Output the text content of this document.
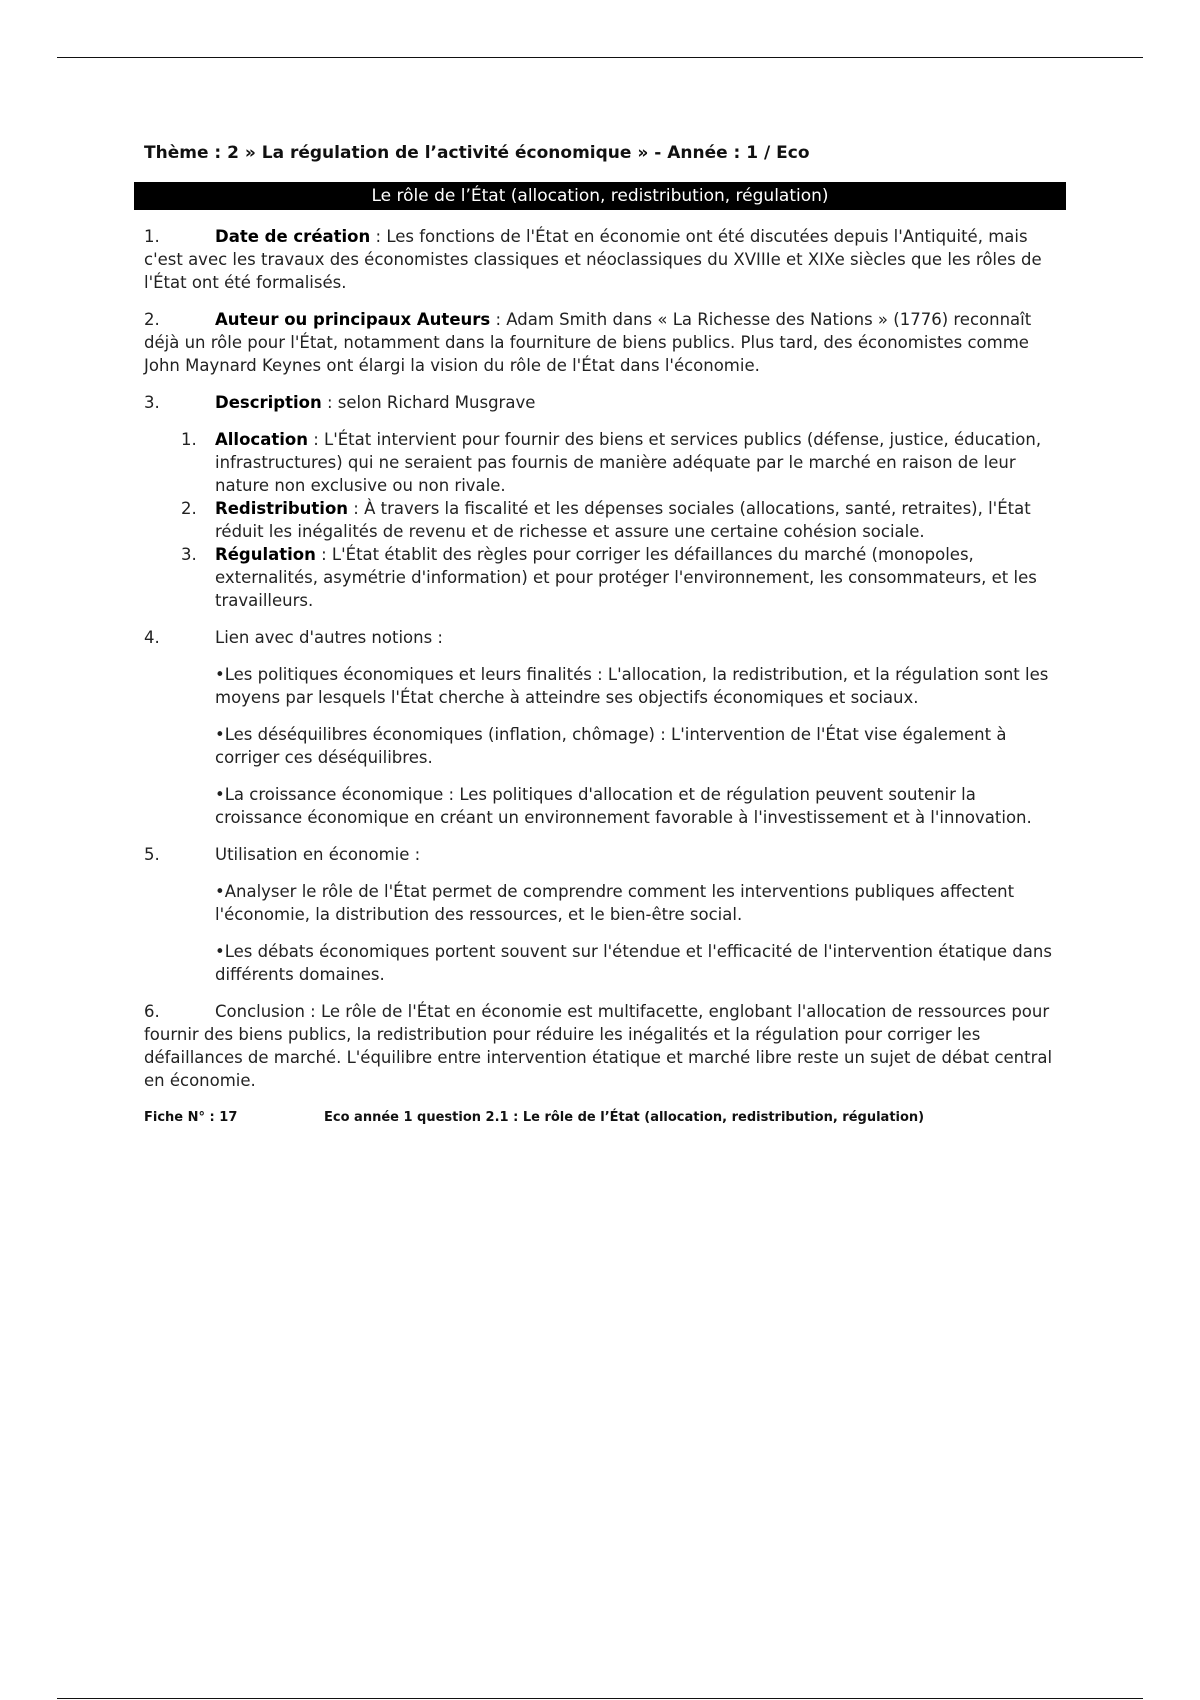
Thème : 2 » La régulation de l’activité économique » - Année : 1 / Eco

Le rôle de l’État (allocation, redistribution, régulation)

1.	Date de création : Les fonctions de l'État en économie ont été discutées depuis l'Antiquité, mais c'est avec les travaux des économistes classiques et néoclassiques du XVIIIe et XIXe siècles que les rôles de l'État ont été formalisés.

2.	Auteur ou principaux Auteurs : Adam Smith dans « La Richesse des Nations » (1776) reconnaît déjà un rôle pour l'État, notamment dans la fourniture de biens publics. Plus tard, des économistes comme John Maynard Keynes ont élargi la vision du rôle de l'État dans l'économie.

3.	Description : selon Richard Musgrave

1. Allocation : L'État intervient pour fournir des biens et services publics (défense, justice, éducation, infrastructures) qui ne seraient pas fournis de manière adéquate par le marché en raison de leur nature non exclusive ou non rivale.
2. Redistribution : À travers la fiscalité et les dépenses sociales (allocations, santé, retraites), l'État réduit les inégalités de revenu et de richesse et assure une certaine cohésion sociale.
3. Régulation : L'État établit des règles pour corriger les défaillances du marché (monopoles, externalités, asymétrie d'information) et pour protéger l'environnement, les consommateurs, et les travailleurs.

4.	Lien avec d'autres notions :

•Les politiques économiques et leurs finalités : L'allocation, la redistribution, et la régulation sont les moyens par lesquels l'État cherche à atteindre ses objectifs économiques et sociaux.

•Les déséquilibres économiques (inflation, chômage) : L'intervention de l'État vise également à corriger ces déséquilibres.

•La croissance économique : Les politiques d'allocation et de régulation peuvent soutenir la croissance économique en créant un environnement favorable à l'investissement et à l'innovation.

5.	Utilisation en économie :

•Analyser le rôle de l'État permet de comprendre comment les interventions publiques affectent l'économie, la distribution des ressources, et le bien-être social.

•Les débats économiques portent souvent sur l'étendue et l'efficacité de l'intervention étatique dans différents domaines.

6.	Conclusion : Le rôle de l'État en économie est multifacette, englobant l'allocation de ressources pour fournir des biens publics, la redistribution pour réduire les inégalités et la régulation pour corriger les défaillances de marché. L'équilibre entre intervention étatique et marché libre reste un sujet de débat central en économie.

Fiche N° : 17	Eco année 1 question 2.1 : Le rôle de l’État (allocation, redistribution, régulation)
